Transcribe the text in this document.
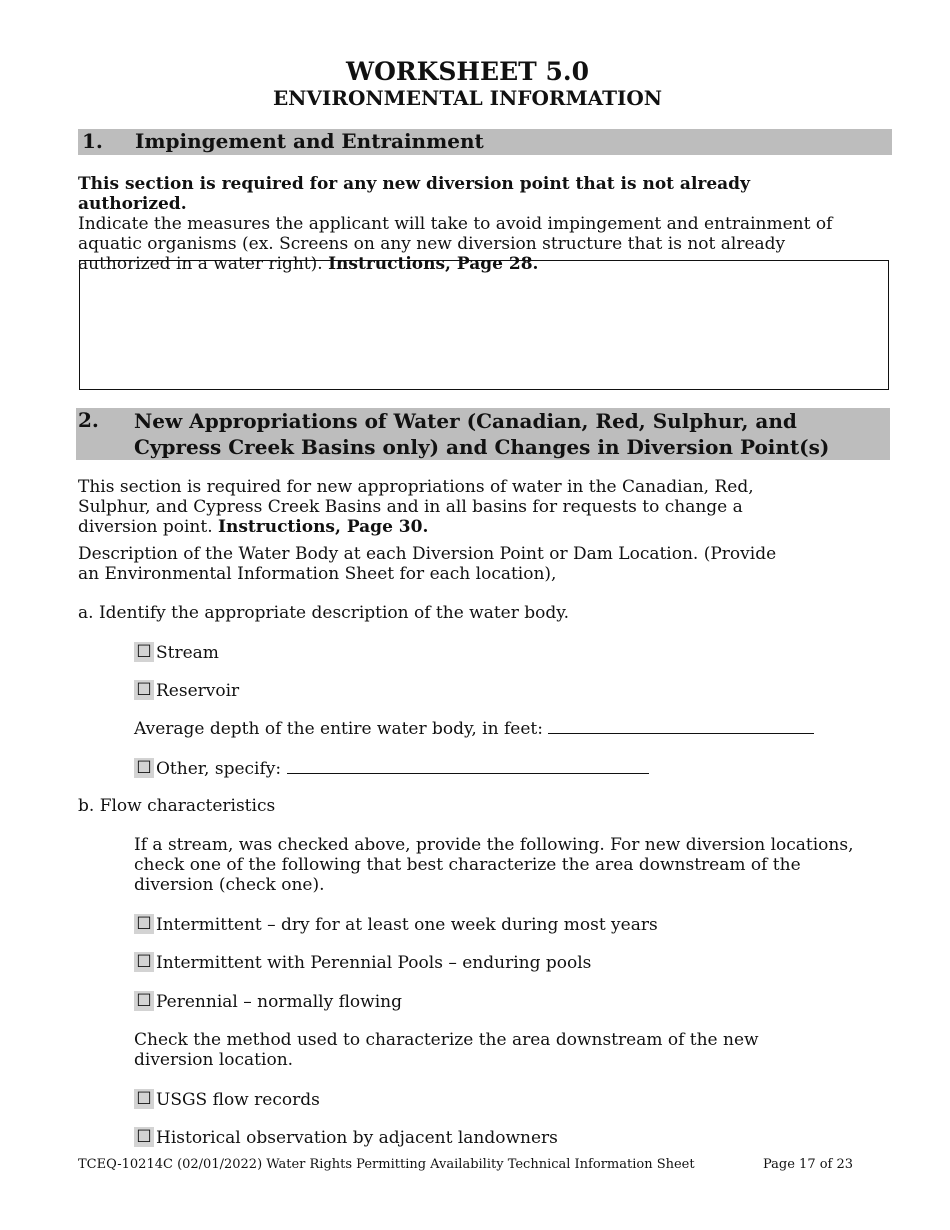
WORKSHEET 5.0
ENVIRONMENTAL INFORMATION
1. Impingement and Entrainment
This section is required for any new diversion point that is not already authorized.
Indicate the measures the applicant will take to avoid impingement and entrainment of aquatic organisms (ex. Screens on any new diversion structure that is not already authorized in a water right). Instructions, Page 28.
2. New Appropriations of Water (Canadian, Red, Sulphur, and Cypress Creek Basins only) and Changes in Diversion Point(s)
This section is required for new appropriations of water in the Canadian, Red, Sulphur, and Cypress Creek Basins and in all basins for requests to change a diversion point. Instructions, Page 30.
Description of the Water Body at each Diversion Point or Dam Location. (Provide an Environmental Information Sheet for each location),
a. Identify the appropriate description of the water body.
☐ Stream
☐ Reservoir
Average depth of the entire water body, in feet:
☐ Other, specify:
b. Flow characteristics
If a stream, was checked above, provide the following. For new diversion locations, check one of the following that best characterize the area downstream of the diversion (check one).
☐ Intermittent – dry for at least one week during most years
☐ Intermittent with Perennial Pools – enduring pools
☐ Perennial – normally flowing
Check the method used to characterize the area downstream of the new diversion location.
☐ USGS flow records
☐ Historical observation by adjacent landowners
TCEQ-10214C (02/01/2022) Water Rights Permitting Availability Technical Information Sheet	Page 17 of 23
